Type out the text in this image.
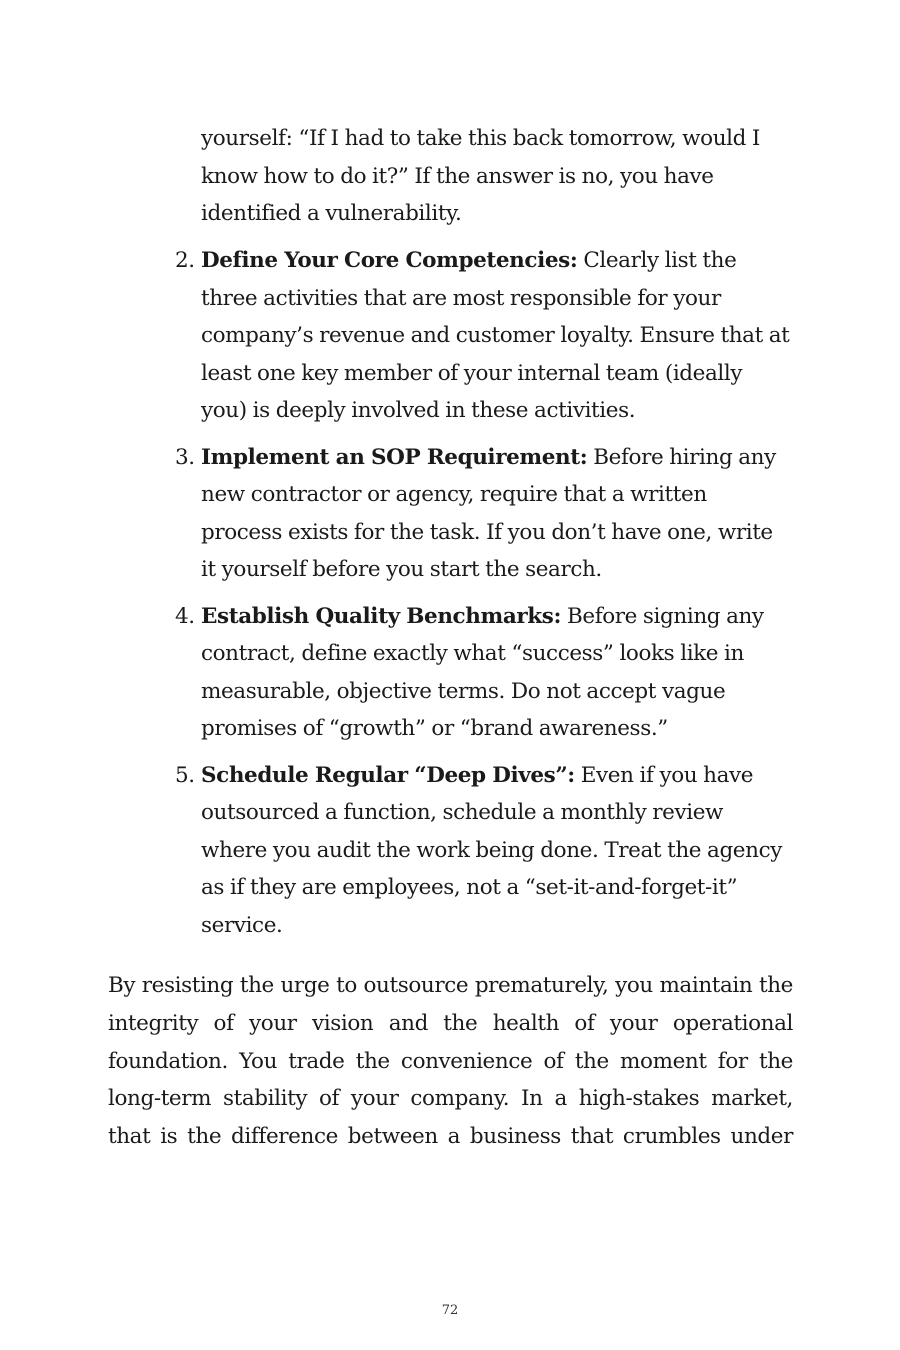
yourself: “If I had to take this back tomorrow, would I know how to do it?” If the answer is no, you have identified a vulnerability.

2. Define Your Core Competencies: Clearly list the three activities that are most responsible for your company’s revenue and customer loyalty. Ensure that at least one key member of your internal team (ideally you) is deeply involved in these activities.
3. Implement an SOP Requirement: Before hiring any new contractor or agency, require that a written process exists for the task. If you don’t have one, write it yourself before you start the search.
4. Establish Quality Benchmarks: Before signing any contract, define exactly what “success” looks like in measurable, objective terms. Do not accept vague promises of “growth” or “brand awareness.”
5. Schedule Regular “Deep Dives”: Even if you have outsourced a function, schedule a monthly review where you audit the work being done. Treat the agency as if they are employees, not a “set-it-and-forget-it” service.

By resisting the urge to outsource prematurely, you maintain the integrity of your vision and the health of your operational foundation. You trade the convenience of the moment for the long-term stability of your company. In a high-stakes market, that is the difference between a business that crumbles under

72
